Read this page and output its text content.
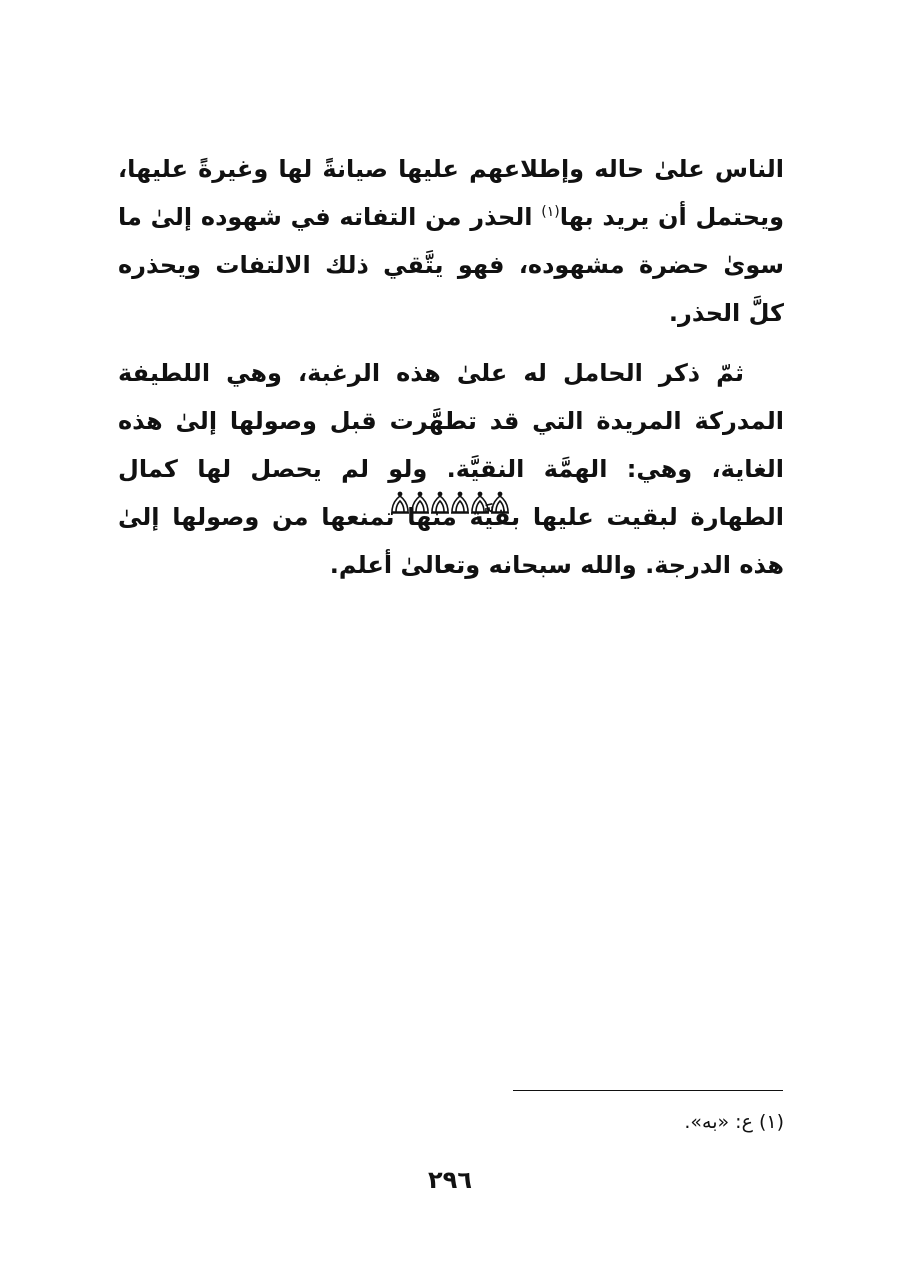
الناس علىٰ حاله وإطلاعهم عليها صيانةً لها وغيرةً عليها، ويحتمل أن يريد بها$^{(١)}$ الحذر من التفاته في شهوده إلىٰ ما سوىٰ حضرة مشهوده، فهو يتَّقي ذلك الالتفات ويحذره كلَّ الحذر.

ثمّ ذكر الحامل له علىٰ هذه الرغبة، وهي اللطيفة المدركة المريدة التي قد تطهَّرت قبل وصولها إلىٰ هذه الغاية، وهي: الهمَّة النقيَّة. ولو لم يحصل لها كمال الطهارة لبقيت عليها بقيَّة منها تمنعها من وصولها إلىٰ هذه الدرجة. والله سبحانه وتعالىٰ أعلم.

(١) ع: «به».
٢٩٦
